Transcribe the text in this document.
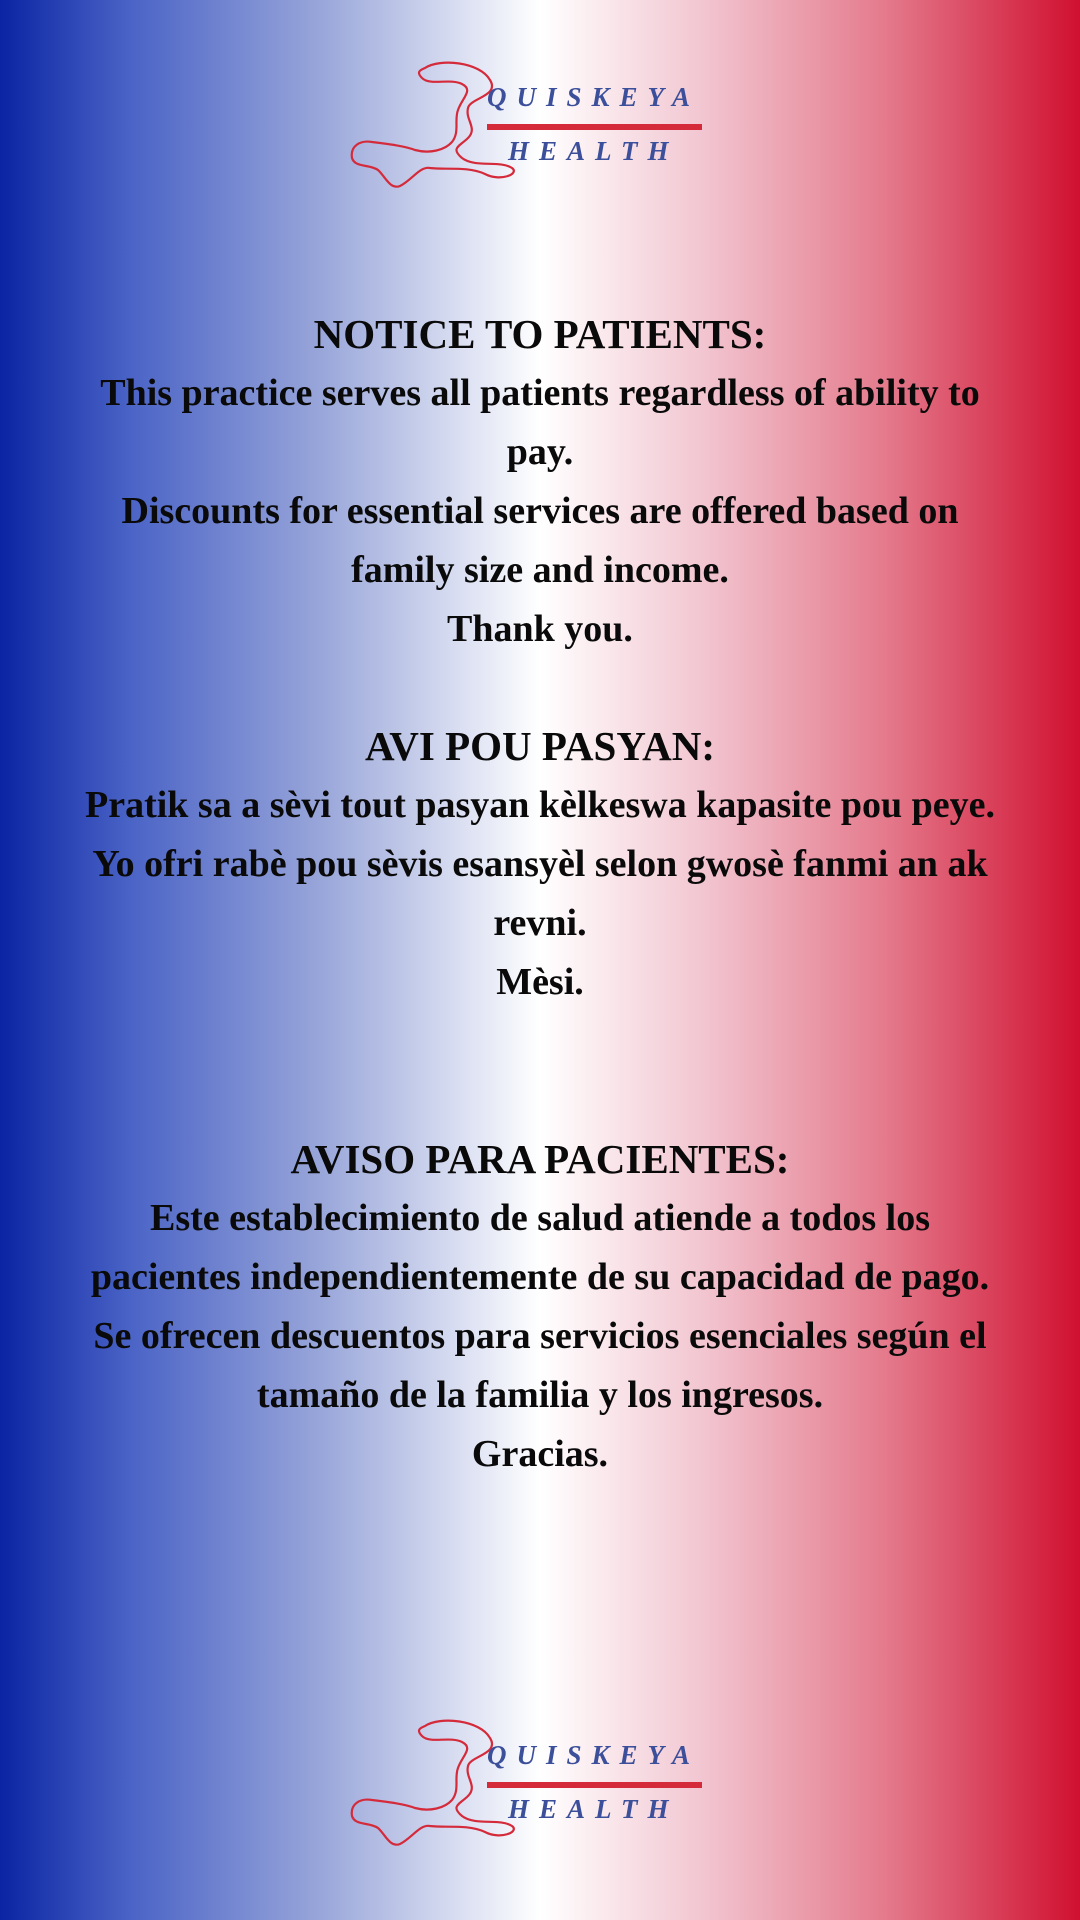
QUISKEYA
HEALTH
NOTICE TO PATIENTS:
This practice serves all patients regardless of ability to
pay.
Discounts for essential services are offered based on
family size and income.
Thank you.
AVI POU PASYAN:
Pratik sa a sèvi tout pasyan kèlkeswa kapasite pou peye.
Yo ofri rabè pou sèvis esansyèl selon gwosè fanmi an ak
revni.
Mèsi.
AVISO PARA PACIENTES:
Este establecimiento de salud atiende a todos los
pacientes independientemente de su capacidad de pago.
Se ofrecen descuentos para servicios esenciales según el
tamaño de la familia y los ingresos.
Gracias.
QUISKEYA
HEALTH
